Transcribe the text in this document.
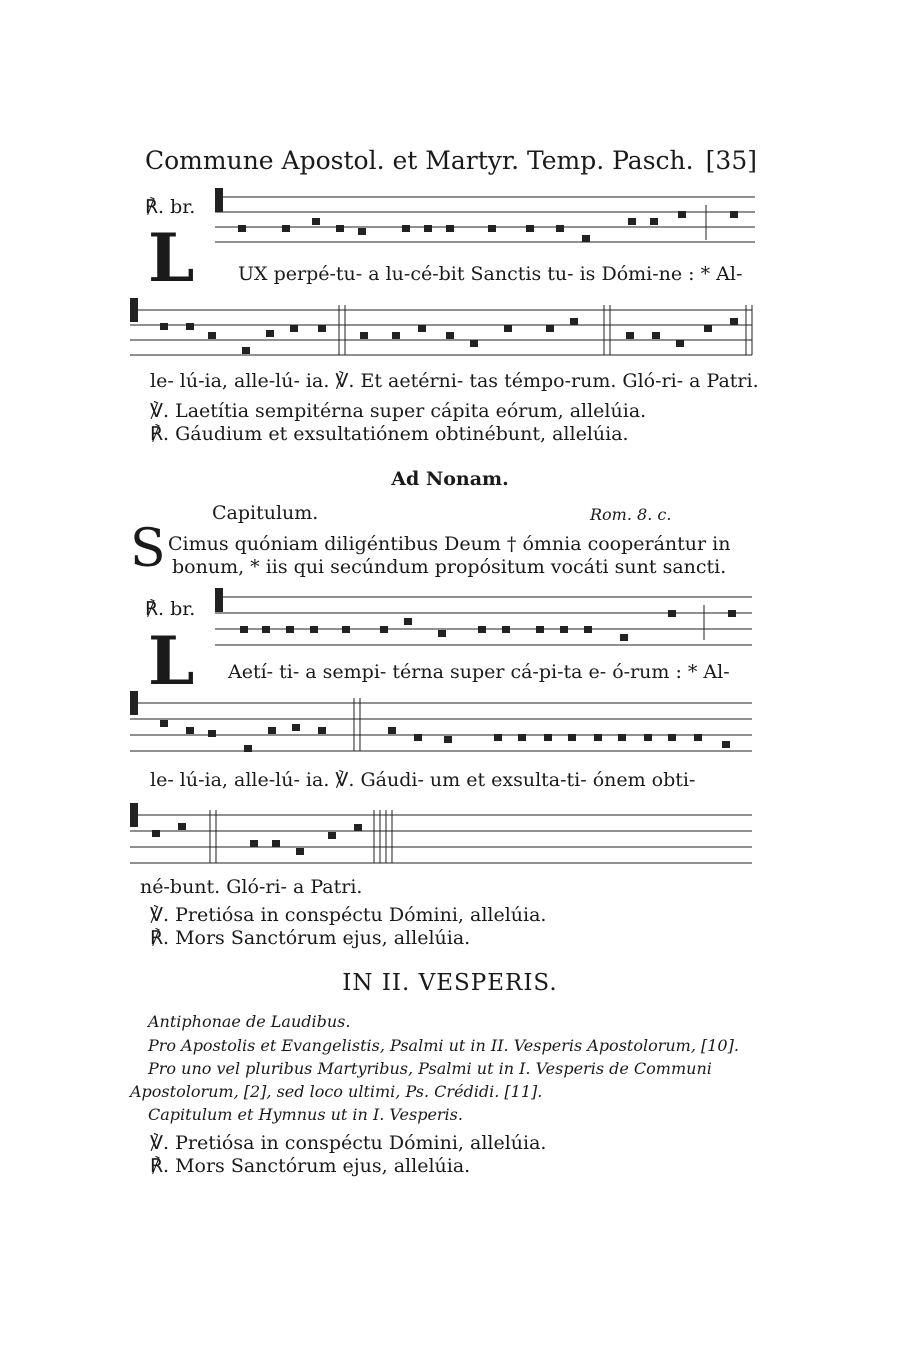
Commune Apostol. et Martyr. Temp. Pasch. [35]
℟. br.
L UX perpé-tu- a lu-cé-bit Sanctis tu- is Dómi-ne : * Al-
le- lú-ia, alle-lú- ia. ℣. Et aetérni- tas témpo-rum. Gló-ri- a Patri.
℣. Laetítia sempitérna super cápita eórum, allelúia.
℟. Gáudium et exsultatiónem obtinébunt, allelúia.
Ad Nonam.
Capitulum.	Rom. 8. c.
S Cimus quóniam diligéntibus Deum † ómnia cooperántur in
bonum, * iis qui secúndum propósitum vocáti sunt sancti.
℟. br.
L Aetí- ti- a sempi- térna super cá-pi-ta e- ó-rum : * Al-
le- lú-ia, alle-lú- ia. ℣. Gáudi- um et exsulta-ti- ónem obti-
né-bunt. Gló-ri- a Patri.
℣. Pretiósa in conspéctu Dómini, allelúia.
℟. Mors Sanctórum ejus, allelúia.
IN II. VESPERIS.
Antiphonae de Laudibus.
Pro Apostolis et Evangelistis, Psalmi ut in II. Vesperis Apostolorum, [10].
Pro uno vel pluribus Martyribus, Psalmi ut in I. Vesperis de Communi
Apostolorum, [2], sed loco ultimi, Ps. Crédidi. [11].
Capitulum et Hymnus ut in I. Vesperis.
℣. Pretiósa in conspéctu Dómini, allelúia.
℟. Mors Sanctórum ejus, allelúia.
